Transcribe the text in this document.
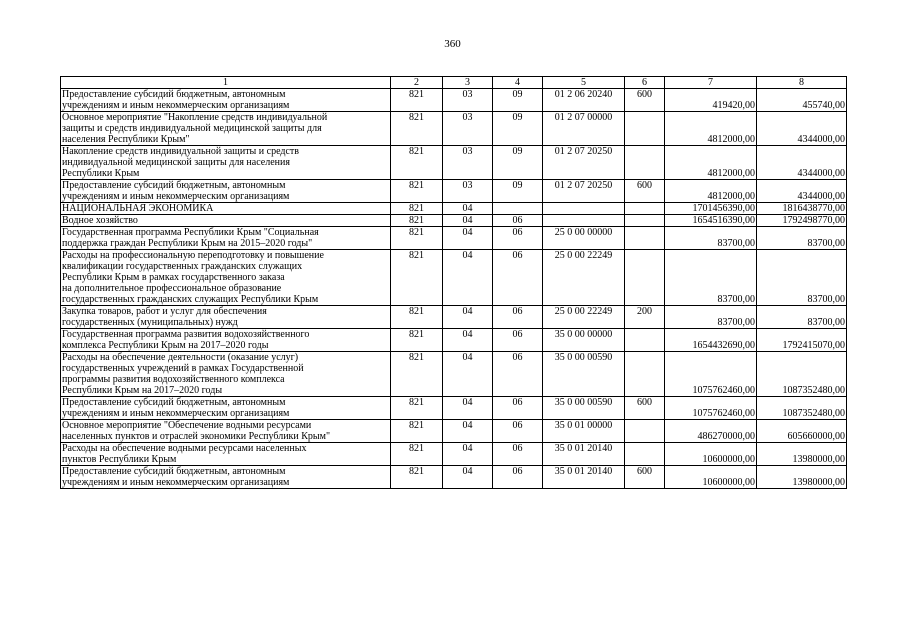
360
1	2	3	4	5	6	7	8

Предоставление субсидий бюджетным, автономным
учреждениям и иным некоммерческим организациям	821	03	09	01 2 06 20240	600	419420,00	455740,00

Основное мероприятие "Накопление средств индивидуальной
защиты и средств индивидуальной медицинской защиты для
населения Республики Крым"	821	03	09	01 2 07 00000		4812000,00	4344000,00

Накопление средств индивидуальной защиты и средств
индивидуальной медицинской защиты для населения
Республики Крым	821	03	09	01 2 07 20250		4812000,00	4344000,00

Предоставление субсидий бюджетным, автономным
учреждениям и иным некоммерческим организациям	821	03	09	01 2 07 20250	600	4812000,00	4344000,00

НАЦИОНАЛЬНАЯ ЭКОНОМИКА	821	04				1701456390,00	1816438770,00

Водное хозяйство	821	04	06			1654516390,00	1792498770,00

Государственная программа Республики Крым "Социальная
поддержка граждан Республики Крым на 2015–2020 годы"	821	04	06	25 0 00 00000		83700,00	83700,00

Расходы на профессиональную переподготовку и повышение
квалификации государственных гражданских служащих
Республики Крым в рамках государственного заказа
на дополнительное профессиональное образование
государственных гражданских служащих Республики Крым	821	04	06	25 0 00 22249		83700,00	83700,00

Закупка товаров, работ и услуг для обеспечения
государственных (муниципальных) нужд	821	04	06	25 0 00 22249	200	83700,00	83700,00

Государственная программа развития водохозяйственного
комплекса Республики Крым на 2017–2020 годы	821	04	06	35 0 00 00000		1654432690,00	1792415070,00

Расходы на обеспечение деятельности (оказание услуг)
государственных учреждений в рамках Государственной
программы развития водохозяйственного комплекса
Республики Крым на 2017–2020 годы	821	04	06	35 0 00 00590		1075762460,00	1087352480,00

Предоставление субсидий бюджетным, автономным
учреждениям и иным некоммерческим организациям	821	04	06	35 0 00 00590	600	1075762460,00	1087352480,00

Основное мероприятие "Обеспечение водными ресурсами
населенных пунктов и отраслей экономики Республики Крым"	821	04	06	35 0 01 00000		486270000,00	605660000,00

Расходы на обеспечение водными ресурсами населенных
пунктов Республики Крым	821	04	06	35 0 01 20140		10600000,00	13980000,00

Предоставление субсидий бюджетным, автономным
учреждениям и иным некоммерческим организациям	821	04	06	35 0 01 20140	600	10600000,00	13980000,00
